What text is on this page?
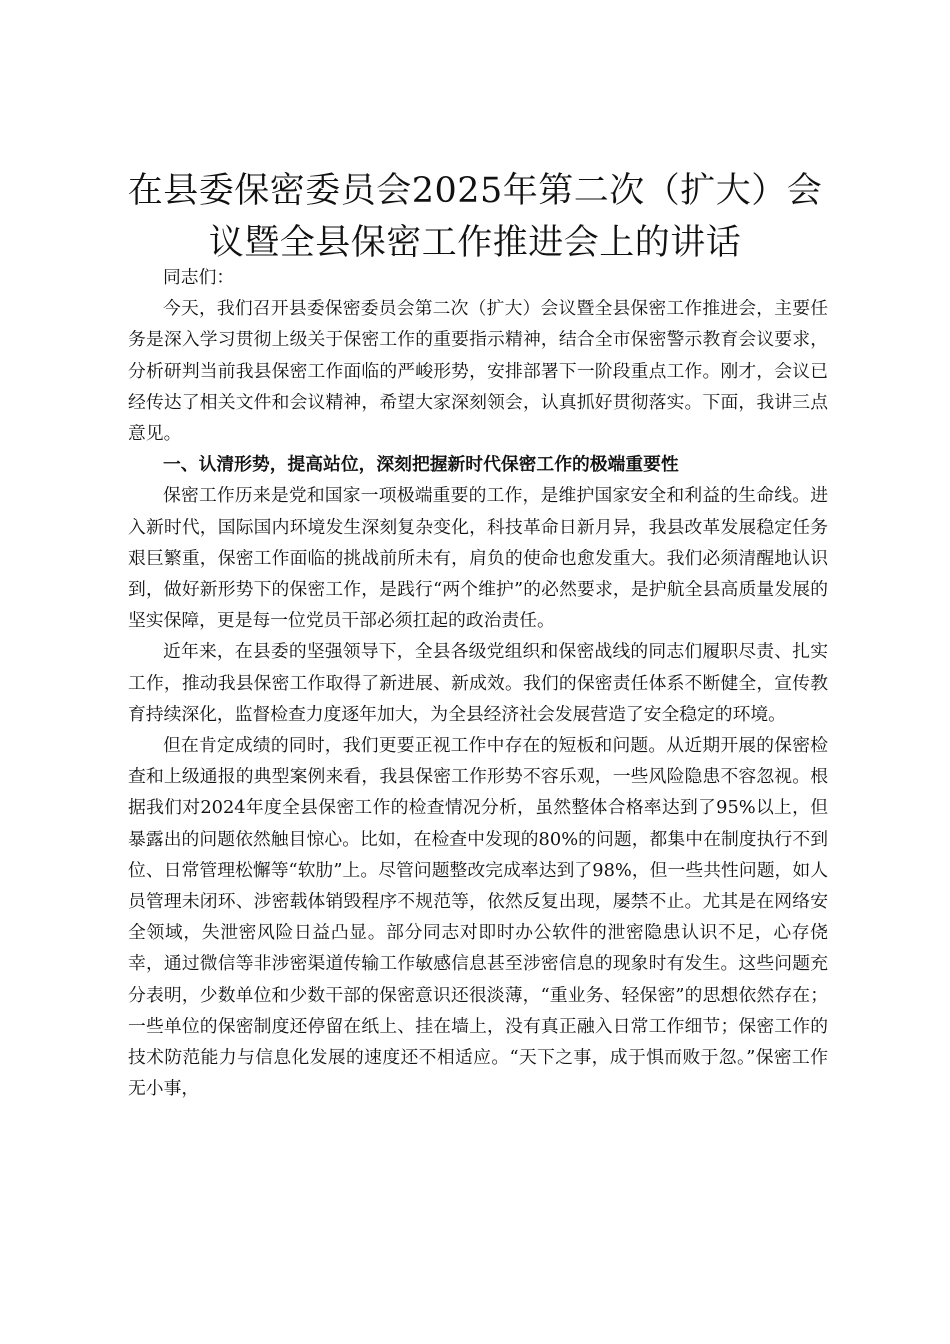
在县委保密委员会2025年第二次（扩大）会议暨全县保密工作推进会上的讲话

同志们：

今天，我们召开县委保密委员会第二次（扩大）会议暨全县保密工作推进会，主要任务是深入学习贯彻上级关于保密工作的重要指示精神，结合全市保密警示教育会议要求，分析研判当前我县保密工作面临的严峻形势，安排部署下一阶段重点工作。刚才，会议已经传达了相关文件和会议精神，希望大家深刻领会，认真抓好贯彻落实。下面，我讲三点意见。

一、认清形势，提高站位，深刻把握新时代保密工作的极端重要性

保密工作历来是党和国家一项极端重要的工作，是维护国家安全和利益的生命线。进入新时代，国际国内环境发生深刻复杂变化，科技革命日新月异，我县改革发展稳定任务艰巨繁重，保密工作面临的挑战前所未有，肩负的使命也愈发重大。我们必须清醒地认识到，做好新形势下的保密工作，是践行“两个维护”的必然要求，是护航全县高质量发展的坚实保障，更是每一位党员干部必须扛起的政治责任。

近年来，在县委的坚强领导下，全县各级党组织和保密战线的同志们履职尽责、扎实工作，推动我县保密工作取得了新进展、新成效。我们的保密责任体系不断健全，宣传教育持续深化，监督检查力度逐年加大，为全县经济社会发展营造了安全稳定的环境。

但在肯定成绩的同时，我们更要正视工作中存在的短板和问题。从近期开展的保密检查和上级通报的典型案例来看，我县保密工作形势不容乐观，一些风险隐患不容忽视。根据我们对2024年度全县保密工作的检查情况分析，虽然整体合格率达到了95%以上，但暴露出的问题依然触目惊心。比如，在检查中发现的80%的问题，都集中在制度执行不到位、日常管理松懈等“软肋”上。尽管问题整改完成率达到了98%，但一些共性问题，如人员管理未闭环、涉密载体销毁程序不规范等，依然反复出现，屡禁不止。尤其是在网络安全领域，失泄密风险日益凸显。部分同志对即时办公软件的泄密隐患认识不足，心存侥幸，通过微信等非涉密渠道传输工作敏感信息甚至涉密信息的现象时有发生。这些问题充分表明，少数单位和少数干部的保密意识还很淡薄，“重业务、轻保密”的思想依然存在；一些单位的保密制度还停留在纸上、挂在墙上，没有真正融入日常工作细节；保密工作的技术防范能力与信息化发展的速度还不相适应。“天下之事，成于惧而败于忽。”保密工作无小事，
